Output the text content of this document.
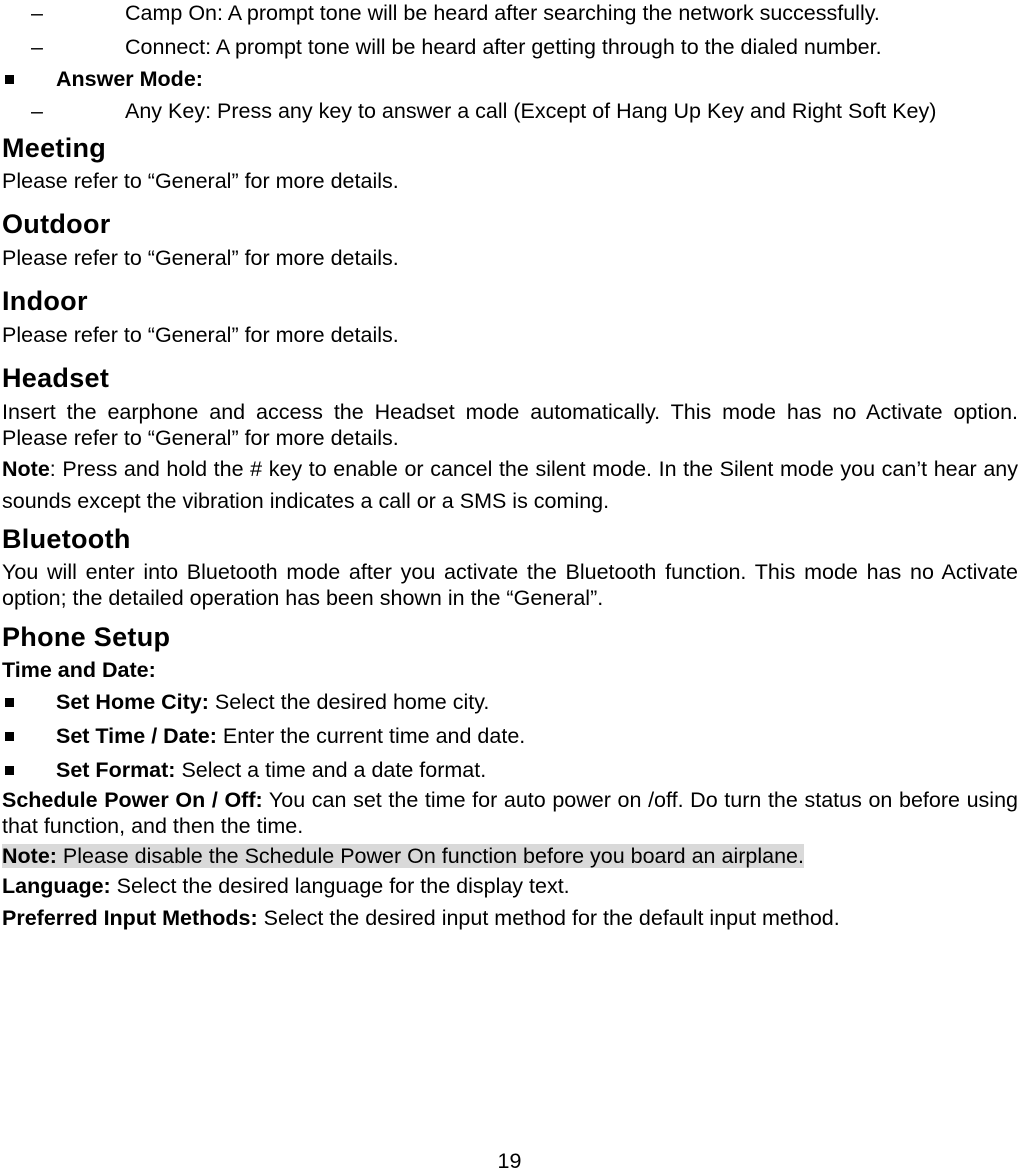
–	Camp On: A prompt tone will be heard after searching the network successfully.
–	Connect: A prompt tone will be heard after getting through to the dialed number.
Answer Mode:
–	Any Key: Press any key to answer a call (Except of Hang Up Key and Right Soft Key)
Meeting

Please refer to “General” for more details.

Outdoor

Please refer to “General” for more details.

Indoor

Please refer to “General” for more details.

Headset

Insert the earphone and access the Headset mode automatically. This mode has no Activate option. Please refer to “General” for more details.

Note: Press and hold the # key to enable or cancel the silent mode. In the Silent mode you can’t hear any sounds except the vibration indicates a call or a SMS is coming.

Bluetooth

You will enter into Bluetooth mode after you activate the Bluetooth function. This mode has no Activate option; the detailed operation has been shown in the “General”.

Phone Setup

Time and Date:

Set Home City: Select the desired home city.
Set Time / Date: Enter the current time and date.
Set Format: Select a time and a date format.

Schedule Power On / Off: You can set the time for auto power on /off. Do turn the status on before using that function, and then the time.

Note: Please disable the Schedule Power On function before you board an airplane.

Language: Select the desired language for the display text.

Preferred Input Methods: Select the desired input method for the default input method.

19
